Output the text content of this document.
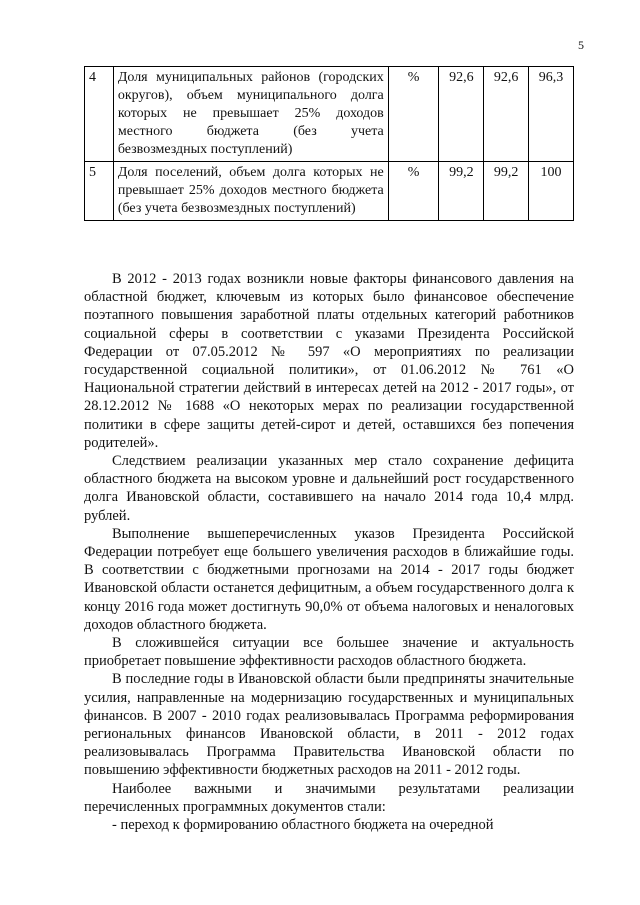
5
4	Доля муниципальных районов (городских округов), объем муниципального долга которых не превышает 25% доходов местного бюджета (без учета безвозмездных поступлений)	%	92,6	92,6	96,3
5	Доля поселений, объем долга которых не превышает 25% доходов местного бюджета (без учета безвозмездных поступлений)	%	99,2	99,2	100

В 2012 - 2013 годах возникли новые факторы финансового давления на областной бюджет, ключевым из которых было финансовое обеспечение поэтапного повышения заработной платы отдельных категорий работников социальной сферы в соответствии с указами Президента Российской Федерации от 07.05.2012 № 597 «О мероприятиях по реализации государственной социальной политики», от 01.06.2012 № 761 «О Национальной стратегии действий в интересах детей на 2012 - 2017 годы», от 28.12.2012 № 1688 «О некоторых мерах по реализации государственной политики в сфере защиты детей-сирот и детей, оставшихся без попечения родителей».

Следствием реализации указанных мер стало сохранение дефицита областного бюджета на высоком уровне и дальнейший рост государственного долга Ивановской области, составившего на начало 2014 года 10,4 млрд. рублей.

Выполнение вышеперечисленных указов Президента Российской Федерации потребует еще большего увеличения расходов в ближайшие годы. В соответствии с бюджетными прогнозами на 2014 - 2017 годы бюджет Ивановской области останется дефицитным, а объем государственного долга к концу 2016 года может достигнуть 90,0% от объема налоговых и неналоговых доходов областного бюджета.

В сложившейся ситуации все большее значение и актуальность приобретает повышение эффективности расходов областного бюджета.

В последние годы в Ивановской области были предприняты значительные усилия, направленные на модернизацию государственных и муниципальных финансов. В 2007 - 2010 годах реализовывалась Программа реформирования региональных финансов Ивановской области, в 2011 - 2012 годах реализовывалась Программа Правительства Ивановской области по повышению эффективности бюджетных расходов на 2011 - 2012 годы.

Наиболее важными и значимыми результатами реализации перечисленных программных документов стали:

- переход к формированию областного бюджета на очередной
